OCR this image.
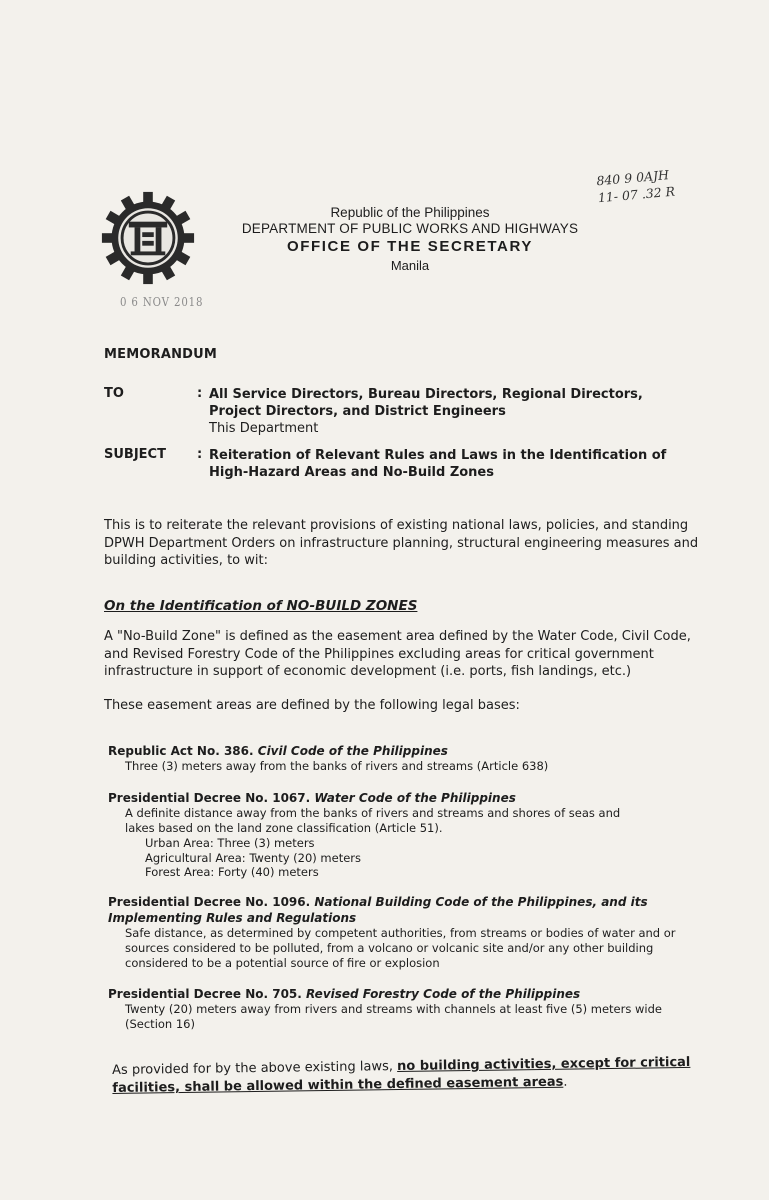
840 9 0AJH
11- 07 .32 R
Republic of the Philippines
DEPARTMENT OF PUBLIC WORKS AND HIGHWAYS
OFFICE OF THE SECRETARY
Manila
0 6 NOV 2018
MEMORANDUM
TO	: All Service Directors, Bureau Directors, Regional Directors,
Project Directors, and District Engineers
This Department
SUBJECT : Reiteration of Relevant Rules and Laws in the Identification of
High-Hazard Areas and No-Build Zones
This is to reiterate the relevant provisions of existing national laws, policies, and standing
DPWH Department Orders on infrastructure planning, structural engineering measures and
building activities, to wit:
On the Identification of NO-BUILD ZONES
A "No-Build Zone" is defined as the easement area defined by the Water Code, Civil Code,
and Revised Forestry Code of the Philippines excluding areas for critical government
infrastructure in support of economic development (i.e. ports, fish landings, etc.)
These easement areas are defined by the following legal bases:
Republic Act No. 386. Civil Code of the Philippines
Three (3) meters away from the banks of rivers and streams (Article 638)
Presidential Decree No. 1067. Water Code of the Philippines
A definite distance away from the banks of rivers and streams and shores of seas and
lakes based on the land zone classification (Article 51).
Urban Area: Three (3) meters
Agricultural Area: Twenty (20) meters
Forest Area: Forty (40) meters
Presidential Decree No. 1096. National Building Code of the Philippines, and its
Implementing Rules and Regulations
Safe distance, as determined by competent authorities, from streams or bodies of water and or
sources considered to be polluted, from a volcano or volcanic site and/or any other building
considered to be a potential source of fire or explosion
Presidential Decree No. 705. Revised Forestry Code of the Philippines
Twenty (20) meters away from rivers and streams with channels at least five (5) meters wide
(Section 16)
As provided for by the above existing laws, no building activities, except for critical
facilities, shall be allowed within the defined easement areas.
